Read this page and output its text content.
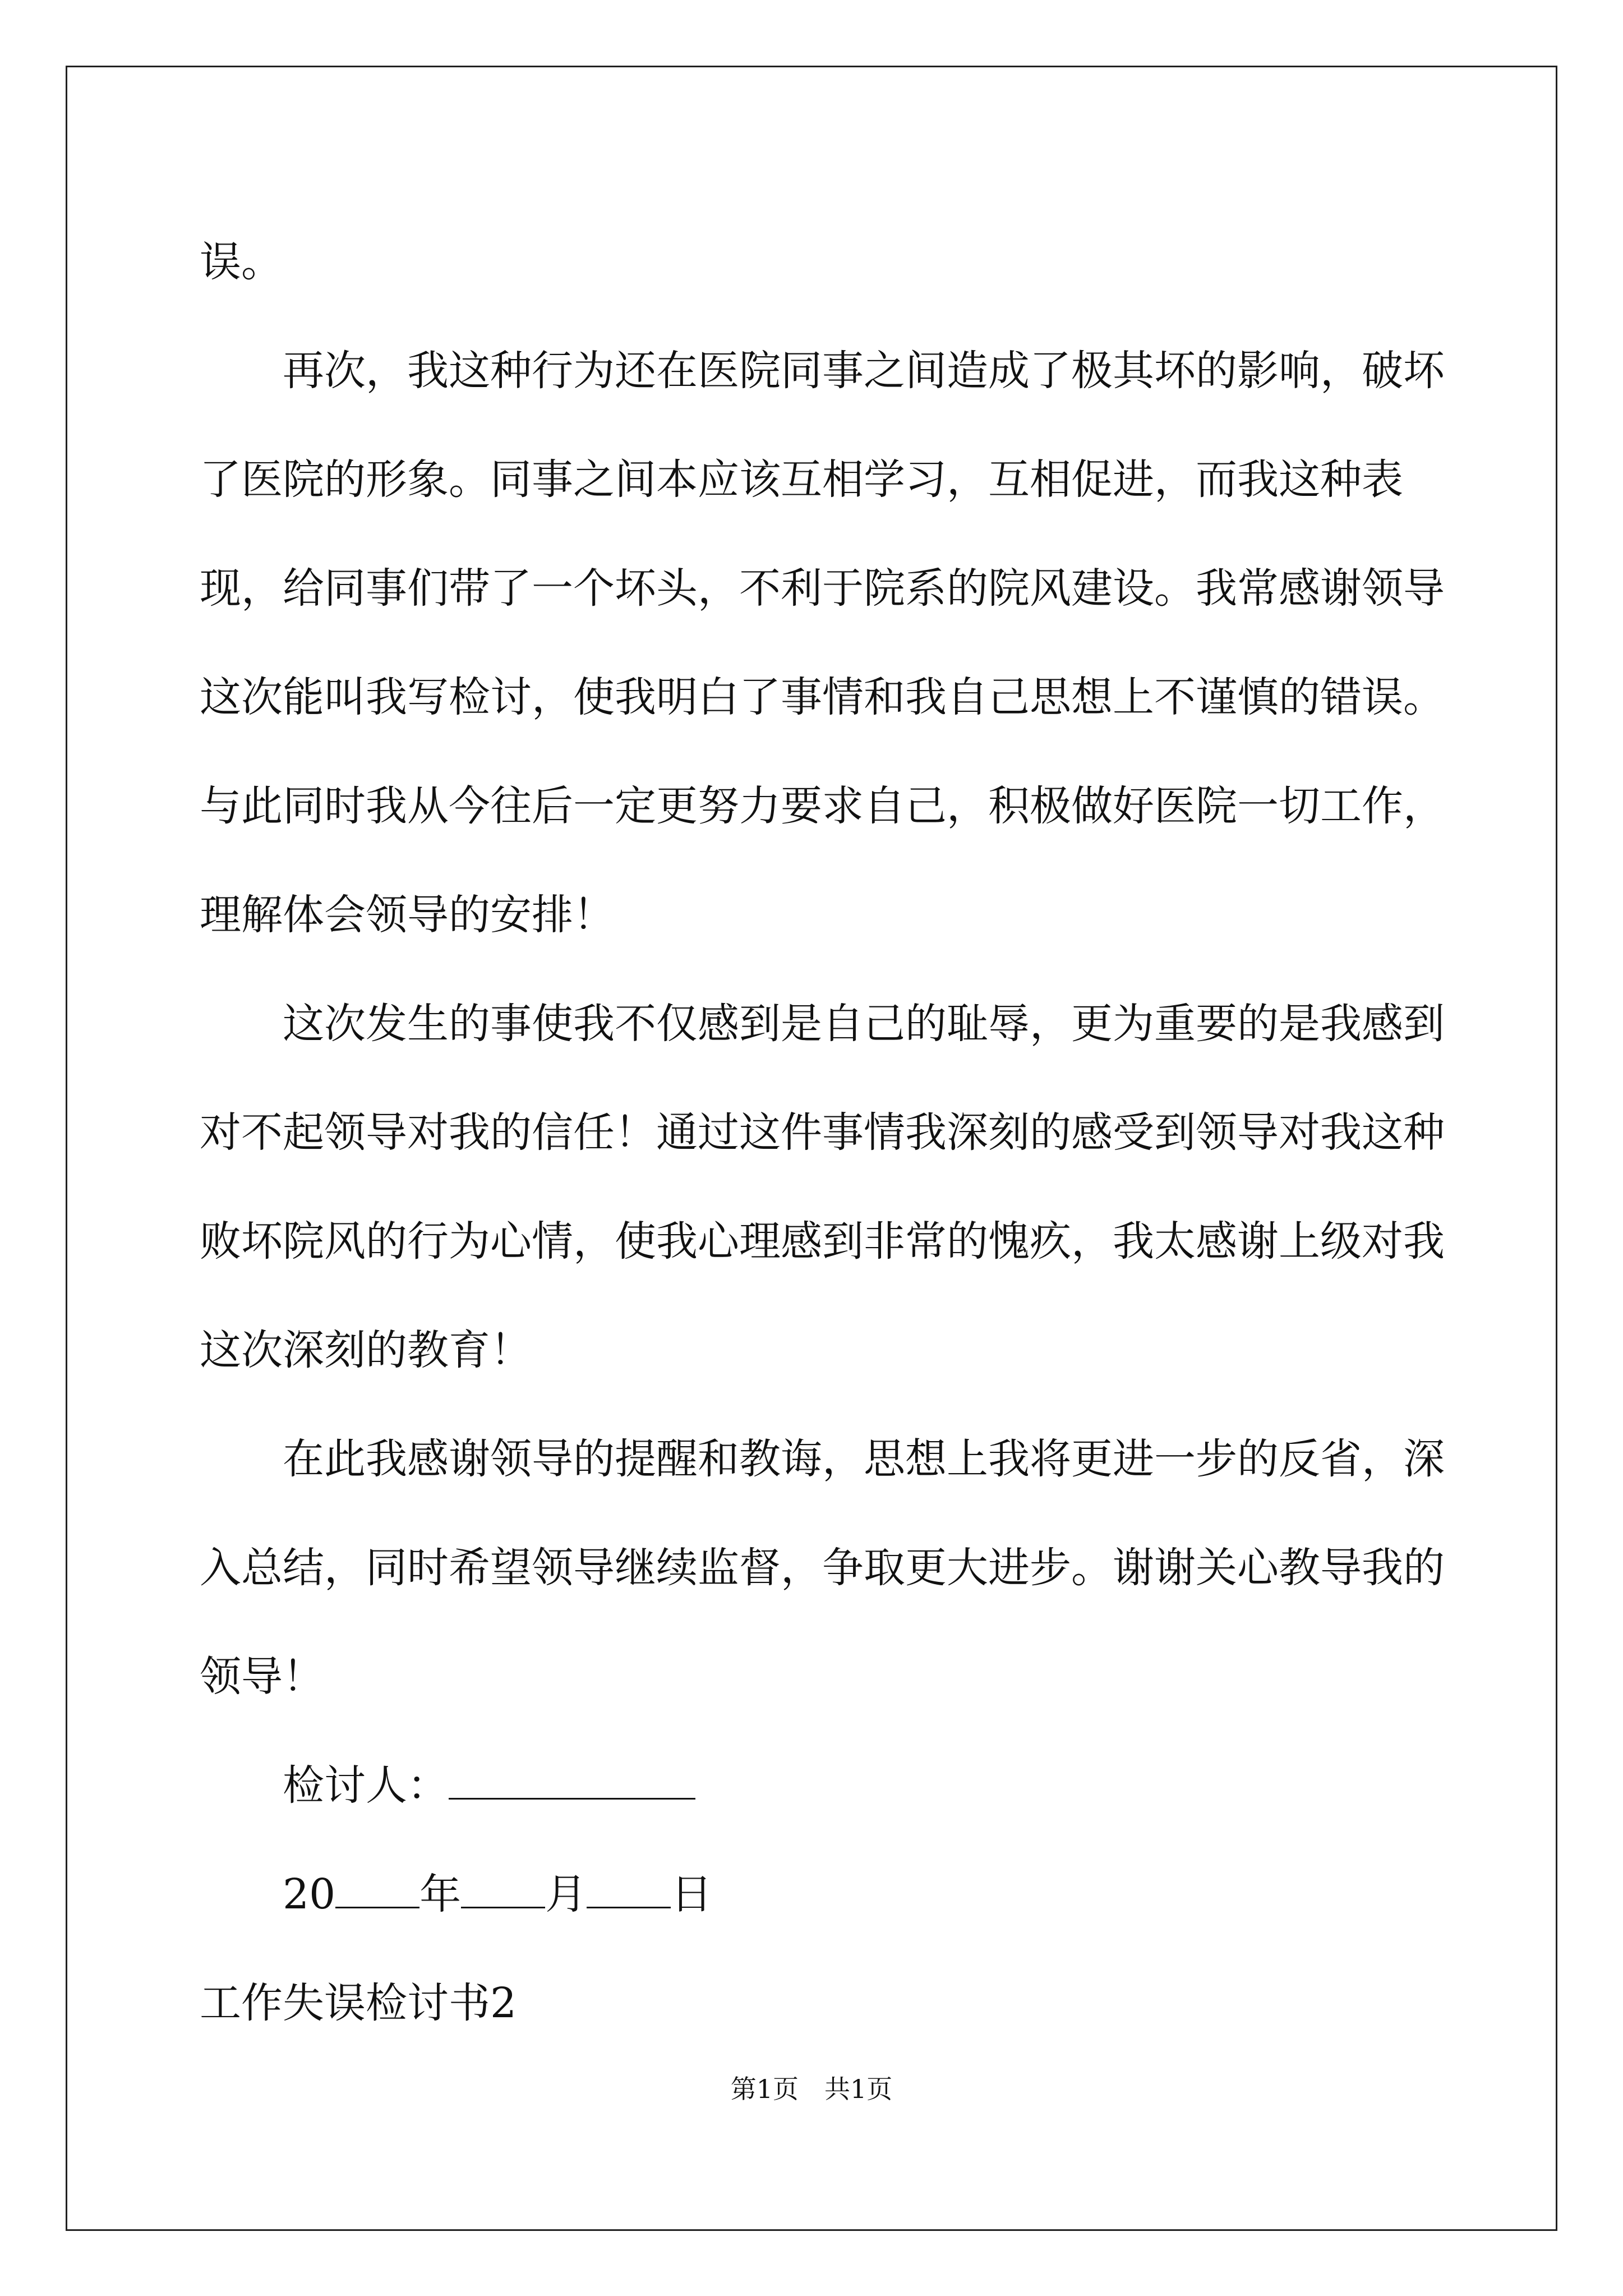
误。

再次，我这种行为还在医院同事之间造成了极其坏的影响，破坏了医院的形象。同事之间本应该互相学习，互相促进，而我这种表现，给同事们带了一个坏头，不利于院系的院风建设。我常感谢领导这次能叫我写检讨，使我明白了事情和我自己思想上不谨慎的错误。与此同时我从今往后一定更努力要求自己，积极做好医院一切工作，理解体会领导的安排！

这次发生的事使我不仅感到是自己的耻辱，更为重要的是我感到对不起领导对我的信任！通过这件事情我深刻的感受到领导对我这种败坏院风的行为心情，使我心理感到非常的愧疚，我太感谢上级对我这次深刻的教育！

在此我感谢领导的提醒和教诲，思想上我将更进一步的反省，深入总结，同时希望领导继续监督，争取更大进步。谢谢关心教导我的领导！

检讨人：

20 年 月 日

工作失误检讨书2

第1页　共1页
